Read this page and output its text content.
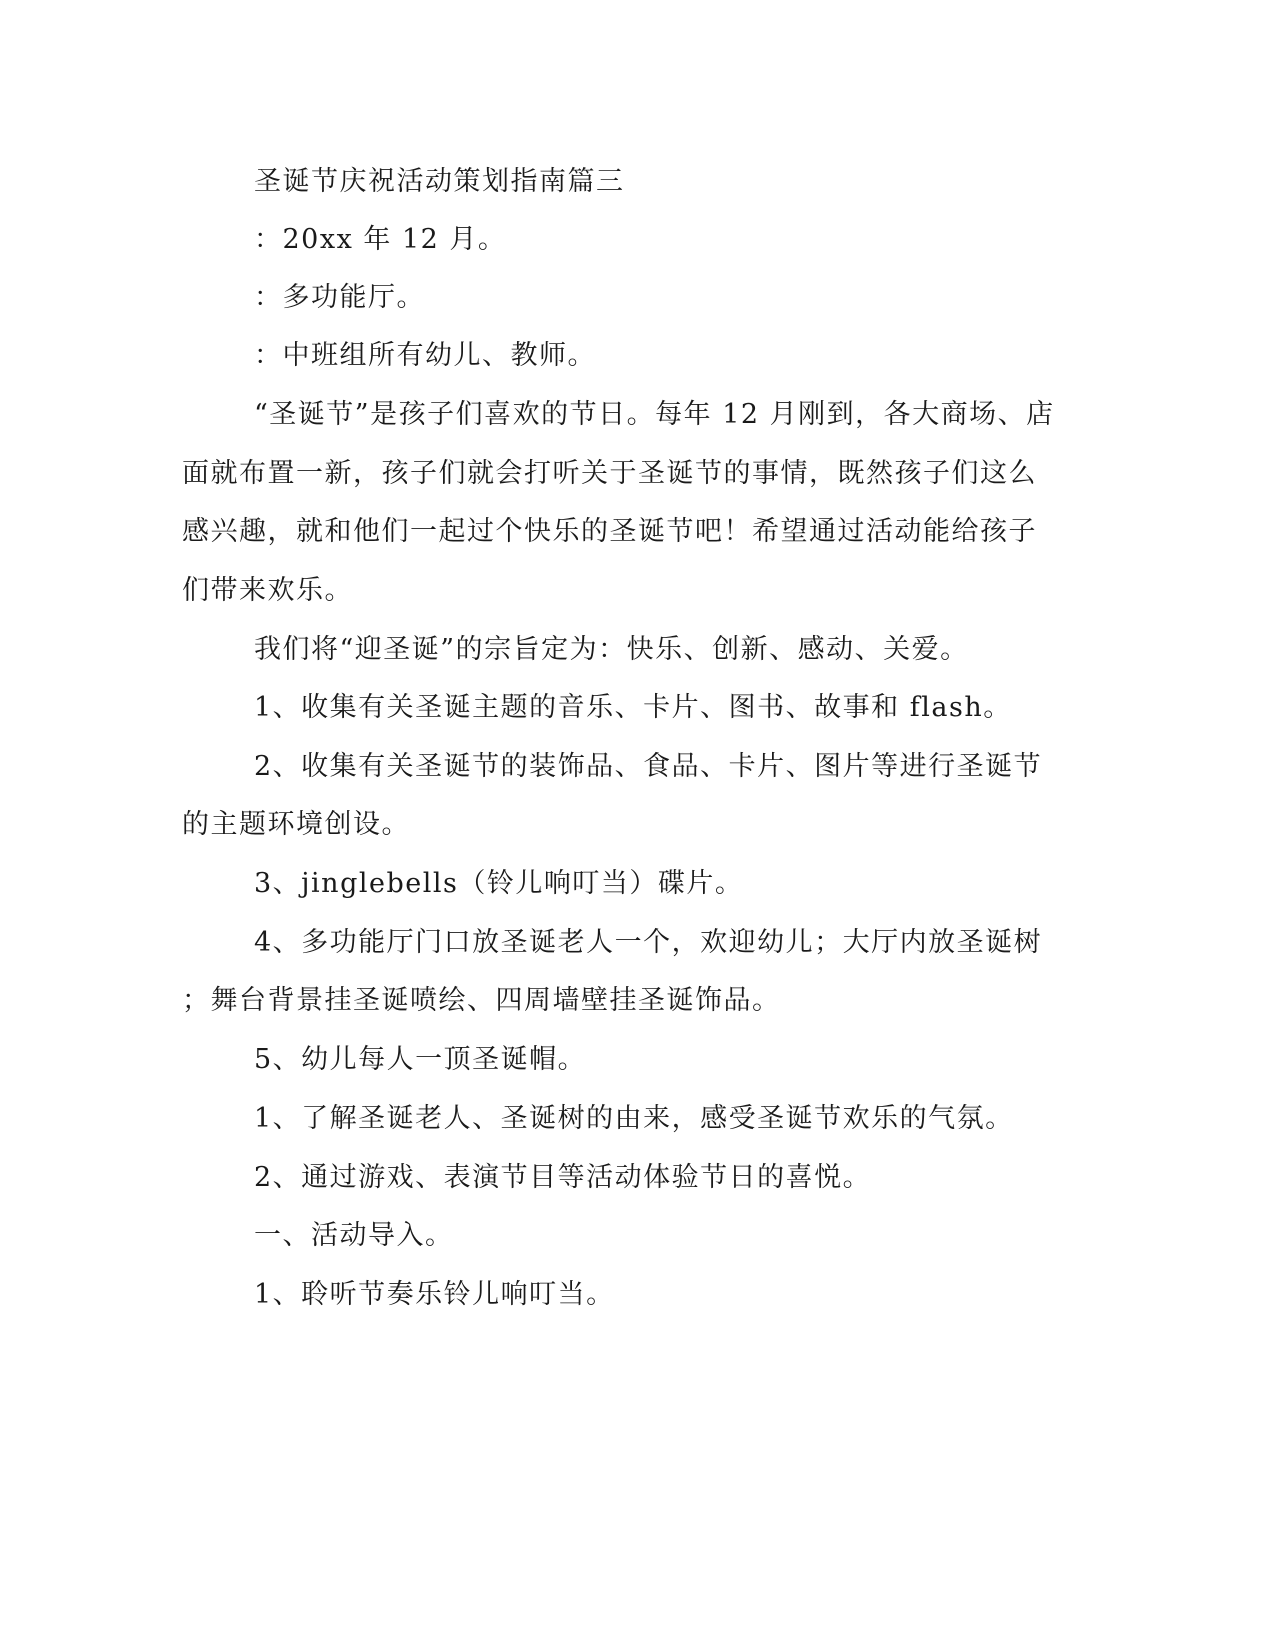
圣诞节庆祝活动策划指南篇三

：20xx 年 12 月。

：多功能厅。

：中班组所有幼儿、教师。

“圣诞节”是孩子们喜欢的节日。每年 12 月刚到，各大商场、店

面就布置一新，孩子们就会打听关于圣诞节的事情，既然孩子们这么

感兴趣，就和他们一起过个快乐的圣诞节吧！希望通过活动能给孩子

们带来欢乐。

我们将“迎圣诞”的宗旨定为：快乐、创新、感动、关爱。

1、收集有关圣诞主题的音乐、卡片、图书、故事和 flash。

2、收集有关圣诞节的装饰品、食品、卡片、图片等进行圣诞节

的主题环境创设。

3、jinglebells（铃儿响叮当）碟片。

4、多功能厅门口放圣诞老人一个，欢迎幼儿；大厅内放圣诞树

；舞台背景挂圣诞喷绘、四周墙壁挂圣诞饰品。

5、幼儿每人一顶圣诞帽。

1、了解圣诞老人、圣诞树的由来，感受圣诞节欢乐的气氛。

2、通过游戏、表演节目等活动体验节日的喜悦。

一、活动导入。

1、聆听节奏乐铃儿响叮当。
